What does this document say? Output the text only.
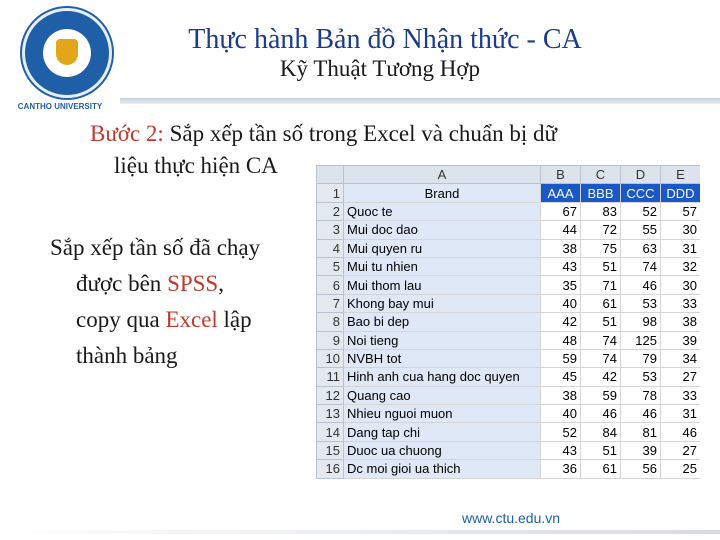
CANTHO UNIVERSITY
Thực hành Bản đồ Nhận thức - CA
Kỹ Thuật Tương Hợp
Bước 2: Sắp xếp tần số trong Excel và chuẩn bị dữ
liệu thực hiện CA
Sắp xếp tần số đã chạy
được bên SPSS,
copy qua Excel lập
thành bảng
	A	B	C	D	E
1	Brand	AAA	BBB	CCC	DDD
2	Quoc te	67	83	52	57
3	Mui doc dao	44	72	55	30
4	Mui quyen ru	38	75	63	31
5	Mui tu nhien	43	51	74	32
6	Mui thom lau	35	71	46	30
7	Khong bay mui	40	61	53	33
8	Bao bi dep	42	51	98	38
9	Noi tieng	48	74	125	39
10	NVBH tot	59	74	79	34
11	Hinh anh cua hang doc quyen	45	42	53	27
12	Quang cao	38	59	78	33
13	Nhieu nguoi muon	40	46	46	31
14	Dang tap chi	52	84	81	46
15	Duoc ua chuong	43	51	39	27
16	Dc moi gioi ua thich	36	61	56	25
www.ctu.edu.vn
